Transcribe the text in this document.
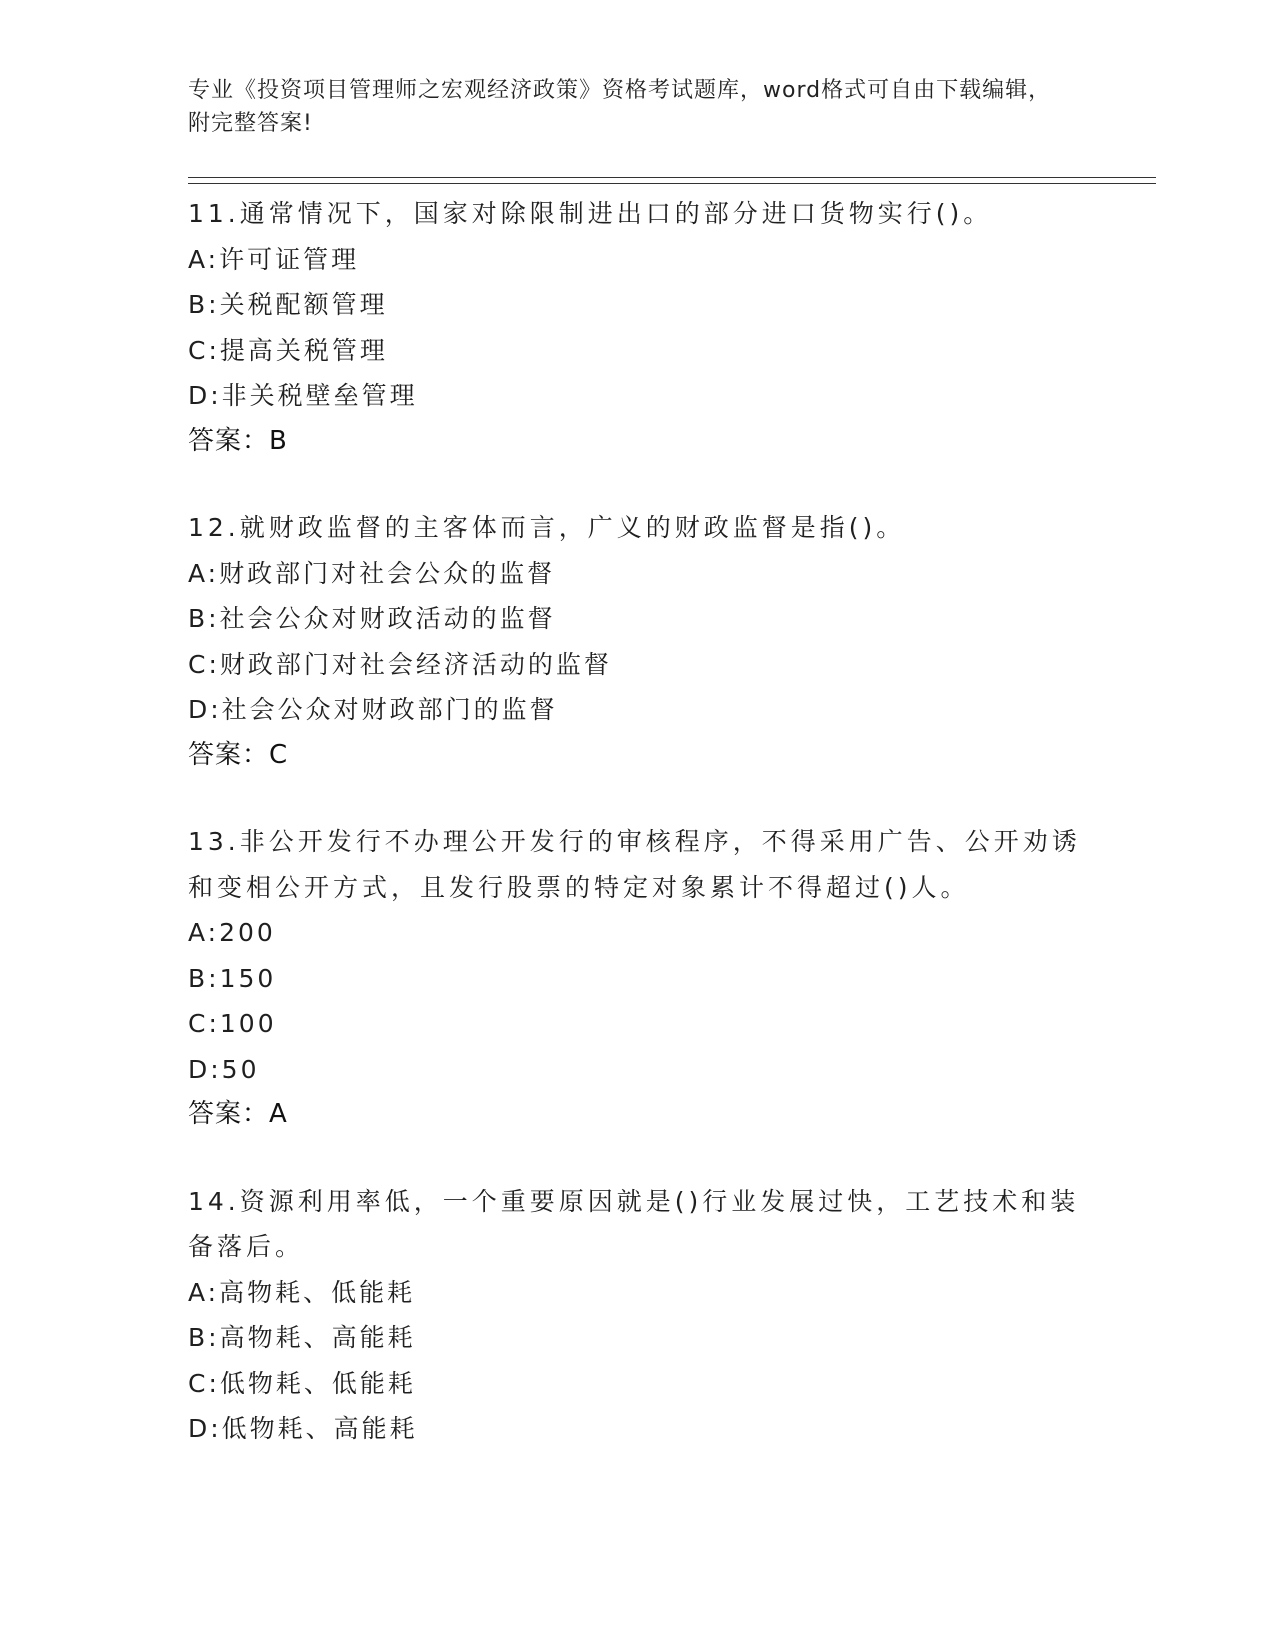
专业《投资项目管理师之宏观经济政策》资格考试题库，word格式可自由下载编辑，附完整答案!
11.通常情况下，国家对除限制进出口的部分进口货物实行()。
A:许可证管理
B:关税配额管理
C:提高关税管理
D:非关税壁垒管理
答案：B
12.就财政监督的主客体而言，广义的财政监督是指()。
A:财政部门对社会公众的监督
B:社会公众对财政活动的监督
C:财政部门对社会经济活动的监督
D:社会公众对财政部门的监督
答案：C
13.非公开发行不办理公开发行的审核程序，不得采用广告、公开劝诱和变相公开方式，且发行股票的特定对象累计不得超过()人。
A:200
B:150
C:100
D:50
答案：A
14.资源利用率低，一个重要原因就是()行业发展过快，工艺技术和装备落后。
A:高物耗、低能耗
B:高物耗、高能耗
C:低物耗、低能耗
D:低物耗、高能耗
